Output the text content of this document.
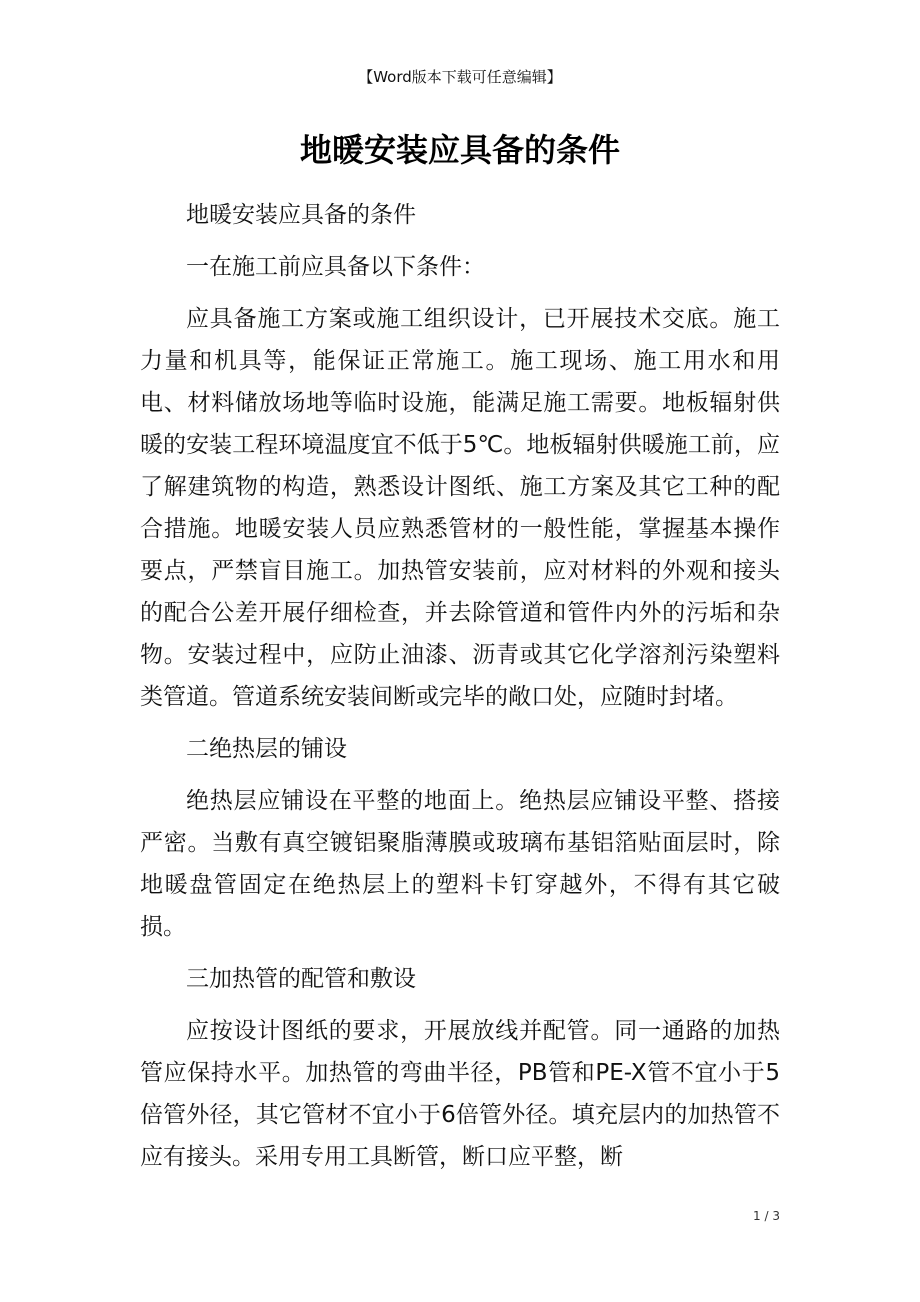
【Word版本下载可任意编辑】
地暖安装应具备的条件

地暖安装应具备的条件

一在施工前应具备以下条件：

应具备施工方案或施工组织设计，已开展技术交底。施工力量和机具等，能保证正常施工。施工现场、施工用水和用电、材料储放场地等临时设施，能满足施工需要。地板辐射供暖的安装工程环境温度宜不低于5℃。地板辐射供暖施工前，应了解建筑物的构造，熟悉设计图纸、施工方案及其它工种的配合措施。地暖安装人员应熟悉管材的一般性能，掌握基本操作要点，严禁盲目施工。加热管安装前，应对材料的外观和接头的配合公差开展仔细检查，并去除管道和管件内外的污垢和杂物。安装过程中，应防止油漆、沥青或其它化学溶剂污染塑料类管道。管道系统安装间断或完毕的敞口处，应随时封堵。

二绝热层的铺设

绝热层应铺设在平整的地面上。绝热层应铺设平整、搭接严密。当敷有真空镀铝聚脂薄膜或玻璃布基铝箔贴面层时，除地暖盘管固定在绝热层上的塑料卡钉穿越外，不得有其它破损。

三加热管的配管和敷设

应按设计图纸的要求，开展放线并配管。同一通路的加热管应保持水平。加热管的弯曲半径，PB管和PE-X管不宜小于5倍管外径，其它管材不宜小于6倍管外径。填充层内的加热管不应有接头。采用专用工具断管，断口应平整，断

1 / 3
